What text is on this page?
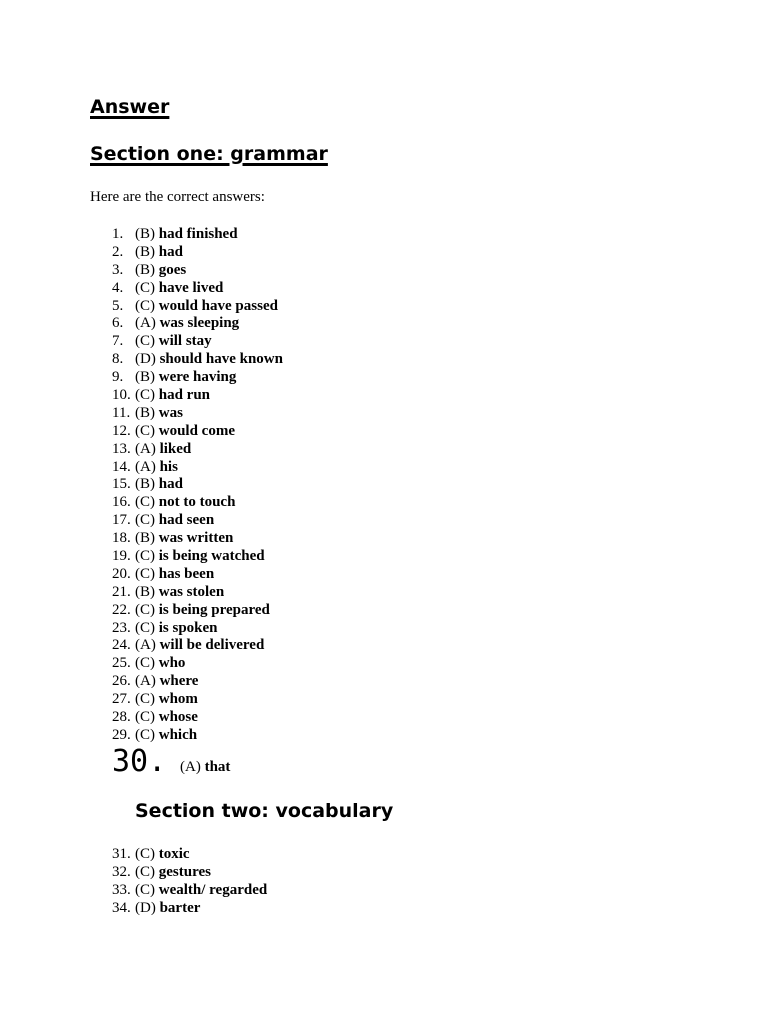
Answer
Section one: grammar

Here are the correct answers:

1. (B) had finished
2. (B) had
3. (B) goes
4. (C) have lived
5. (C) would have passed
6. (A) was sleeping
7. (C) will stay
8. (D) should have known
9. (B) were having
10. (C) had run
11. (B) was
12. (C) would come
13. (A) liked
14. (A) his
15. (B) had
16. (C) not to touch
17. (C) had seen
18. (B) was written
19. (C) is being watched
20. (C) has been
21. (B) was stolen
22. (C) is being prepared
23. (C) is spoken
24. (A) will be delivered
25. (C) who
26. (A) where
27. (C) whom
28. (C) whose
29. (C) which
30. (A) that
Section two: vocabulary
31. (C) toxic
32. (C) gestures
33. (C) wealth/ regarded
34. (D) barter
